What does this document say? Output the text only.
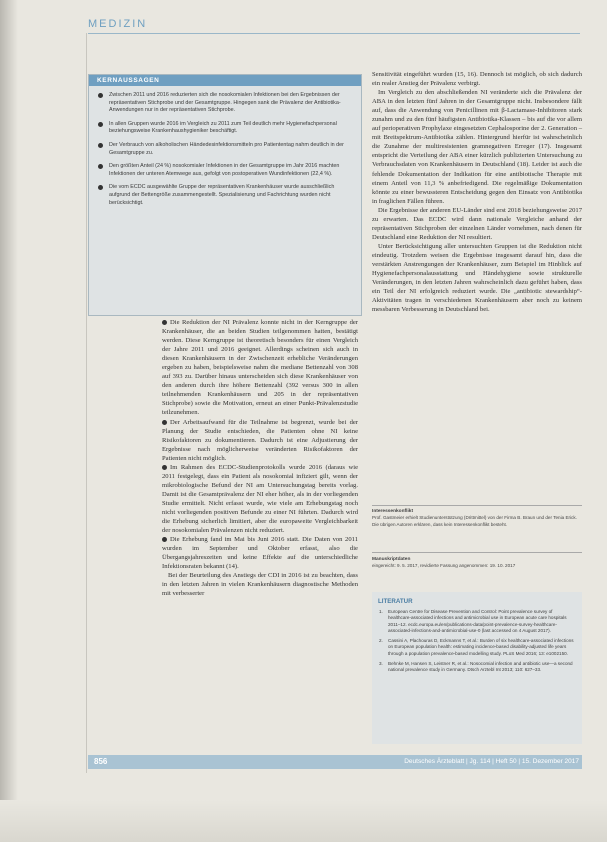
MEDIZIN
KERNAUSSAGEN
Zwischen 2011 und 2016 reduzierten sich die nosokomialen Infektionen bei den Ergebnissen der repräsentativen Stichprobe und der Gesamtgruppe. Hingegen sank die Prävalenz der Antibiotika-Anwendungen nur in der repräsentativen Stichprobe.
In allen Gruppen wurde 2016 im Vergleich zu 2011 zum Teil deutlich mehr Hygienefachpersonal beziehungsweise Krankenhaushygieniker beschäftigt.
Der Verbrauch von alkoholischen Händedesinfektionsmitteln pro Patiententag nahm deutlich in der Gesamtgruppe zu.
Den größten Anteil (24 %) nosokomialer Infektionen in der Gesamtgruppe im Jahr 2016 machten Infektionen der unteren Atemwege aus, gefolgt von postoperativen Wundinfektionen (22,4 %).
Die vom ECDC ausgewählte Gruppe der repräsentativen Krankenhäuser wurde ausschließlich aufgrund der Bettengröße zusammengestellt. Spezialisierung und Fachrichtung wurden nicht berücksichtigt.

Die Reduktion der NI Prävalenz konnte nicht in der Kerngruppe der Krankenhäuser, die an beiden Studien teilgenommen hatten, bestätigt werden. Diese Kerngruppe ist theoretisch besonders für einen Vergleich der Jahre 2011 und 2016 geeignet. Allerdings scheinen sich auch in diesen Krankenhäusern in der Zwischenzeit erhebliche Veränderungen ergeben zu haben, beispielsweise nahm die mediane Bettenzahl von 308 auf 393 zu. Darüber hinaus unterscheiden sich diese Krankenhäuser von den anderen durch ihre höhere Bettenzahl (392 versus 300 in allen teilnehmenden Krankenhäusern und 205 in der repräsentativen Stichprobe) sowie die Motivation, erneut an einer Punkt-Prävalenzstudie teilzunehmen.

Der Arbeitsaufwand für die Teilnahme ist begrenzt, wurde bei der Planung der Studie entschieden, die Patienten ohne NI keine Risikofaktoren zu dokumentieren. Dadurch ist eine Adjustierung der Ergebnisse nach möglicherweise veränderten Risikofaktoren der Patienten nicht möglich.

Im Rahmen des ECDC-Studienprotokolls wurde 2016 (daraus wie 2011 festgelegt, dass ein Patient als nosokomial infiziert gilt, wenn der mikrobiologische Befund der NI am Untersuchungstag bereits vorlag. Damit ist die Gesamtprävalenz der NI eher höher, als in der vorliegenden Studie ermittelt. Nicht erfasst wurde, wie viele am Erhebungstag noch nicht vorliegenden positiven Befunde zu einer NI führten. Dadurch wird die Erhebung sicherlich limitiert, aber die europaweite Vergleichbarkeit der nosokomialen Prävalenzen nicht reduziert.

Die Erhebung fand im Mai bis Juni 2016 statt. Die Daten von 2011 wurden im September und Oktober erfasst, also die Übergangsjahreszeiten und keine Effekte auf die unterschiedliche Infektionsraten bekannt (14).

Bei der Beurteilung des Anstiegs der CDI in 2016 ist zu beachten, dass in den letzten Jahren in vielen Krankenhäusern diagnostische Methoden mit verbesserter

Sensitivität eingeführt wurden (15, 16). Dennoch ist möglich, ob sich dadurch ein realer Anstieg der Prävalenz verbirgt.

Im Vergleich zu den abschließenden NI veränderte sich die Prävalenz der ABA in den letzten fünf Jahren in der Gesamtgruppe nicht. Insbesondere fällt auf, dass die Anwendung von Penicillinen mit β-Lactamase-Inhibitoren stark zunahm und zu den fünf häufigsten Antibiotika-Klassen – bis auf die vor allem auf perioperativen Prophylaxe eingesetzten Cephalosporine der 2. Generation – mit Breitspektrum-Antibiotika zählen. Hintergrund hierfür ist wahrscheinlich die Zunahme der multiresistenten gramnegativen Erreger (17). Insgesamt entspricht die Verteilung der ABA einer kürzlich publizierten Untersuchung zu Verbrauchsdaten von Krankenhäusern in Deutschland (18). Leider ist auch die fehlende Dokumentation der Indikation für eine antibiotische Therapie mit einem Anteil von 11,3 % anbefriedigend. Die regelmäßige Dokumentation könnte zu einer bewussteren Entscheidung gegen den Einsatz von Antibiotika in fraglichen Fällen führen.

Die Ergebnisse der anderen EU-Länder sind erst 2018 beziehungsweise 2017 zu erwarten. Das ECDC wird dann nationale Vergleiche anhand der repräsentativen Stichproben der einzelnen Länder vornehmen, nach denen für Deutschland eine Reduktion der NI resultiert.

Unter Berücksichtigung aller untersuchten Gruppen ist die Reduktion nicht eindeutig. Trotzdem weisen die Ergebnisse insgesamt darauf hin, dass die verstärkten Anstrengungen der Krankenhäuser, zum Beispiel im Hinblick auf Hygienefachpersonalausstattung und Händehygiene sowie strukturelle Veränderungen, in den letzten Jahren wahrscheinlich dazu geführt haben, dass ein Teil der NI erfolgreich reduziert wurde. Die „antibiotic stewardship“-Aktivitäten tragen in verschiedenen Krankenhäusern aber noch zu keinem messbaren Verbesserung in Deutschland bei.

Interessenkonflikt
Prof. Gastmeier erhielt Studienunterstützung (Drittmittel) von der Firma B. Braun und der Tenia Erick.
Die übrigen Autoren erklären, dass kein Interessenkonflikt besteht.
Manuskriptdaten
eingereicht: 9. 5. 2017, revidierte Fassung angenommen: 19. 10. 2017
LITERATUR
1. European Centre for Disease Prevention and Control: Point prevalence survey of healthcare-associated infections and antimicrobial use in European acute care hospitals 2011–12. ecdc.europa.eu/en/publications-data/point-prevalence-survey-healthcare-associated-infections-and-antimicrobial-use-0 (last accessed on 4 August 2017).
2. Cassini A, Plachouras D, Eckmanns T, et al.: Burden of six healthcare-associated infections on European population health: estimating incidence-based disability-adjusted life years through a population prevalence-based modelling study. PLoS Med 2016; 13: e1002150.
3. Behnke M, Hansen S, Leistner R, et al.: Nosocomial infection and antibiotic use—a second national prevalence study in Germany. Dtsch Arztebl Int 2013; 110: 627–33.
856	Deutsches Ärzteblatt | Jg. 114 | Heft 50 | 15. Dezember 2017
